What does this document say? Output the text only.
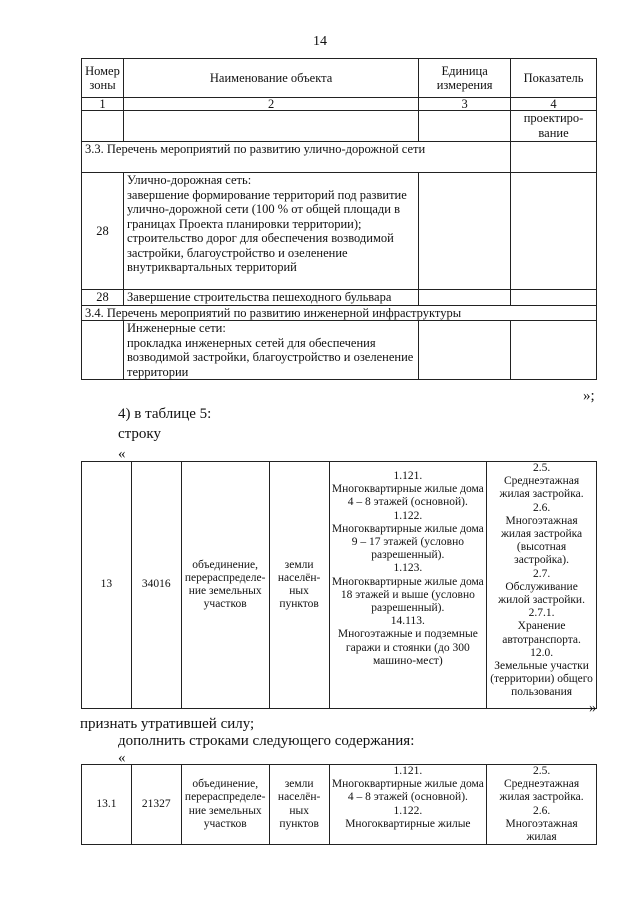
14
Номер зоны	Наименование объекта	Единица измерения	Показатель
1	2	3	4
			проектиро-
вание
3.3. Перечень мероприятий по развитию улично-дорожной сети			
28	Улично-дорожная сеть:
завершение формирование территорий под развитие улично-дорожной сети (100 % от общей площади в границах Проекта планировки территории);
строительство дорог для обеспечения возводимой застройки, благоустройство и озеленение внутриквартальных территорий		
28	Завершение строительства пешеходного бульвара		
3.4. Перечень мероприятий по развитию инженерной инфраструктуры			
	Инженерные сети:
прокладка инженерных сетей для обеспечения возводимой застройки, благоустройство и озеленение территории		
»;
4) в таблице 5:
строку
«
13	34016	объединение, перераспределе-ние земельных участков	земли населён-ных пунктов	1.121.
Многоквартирные жилые дома 4 – 8 этажей (основной).
1.122.
Многоквартирные жилые дома 9 – 17 этажей (условно разрешенный).
1.123.
Многоквартирные жилые дома 18 этажей и выше (условно разрешенный).
14.113.
Многоэтажные и подземные гаражи и стоянки (до 300 машино-мест)	2.5.
Среднеэтажная жилая застройка.
2.6.
Многоэтажная жилая застройка (высотная застройка).
2.7.
Обслуживание жилой застройки.
2.7.1.
Хранение автотранспорта.
12.0.
Земельные участки (территории) общего пользования
»
признать утратившей силу;
дополнить строками следующего содержания:
«
13.1	21327	объединение, перераспределе-ние земельных участков	земли населён-ных пунктов	1.121.
Многоквартирные жилые дома 4 – 8 этажей (основной).
1.122.
Многоквартирные жилые	2.5.
Среднеэтажная жилая застройка.
2.6.
Многоэтажная жилая
